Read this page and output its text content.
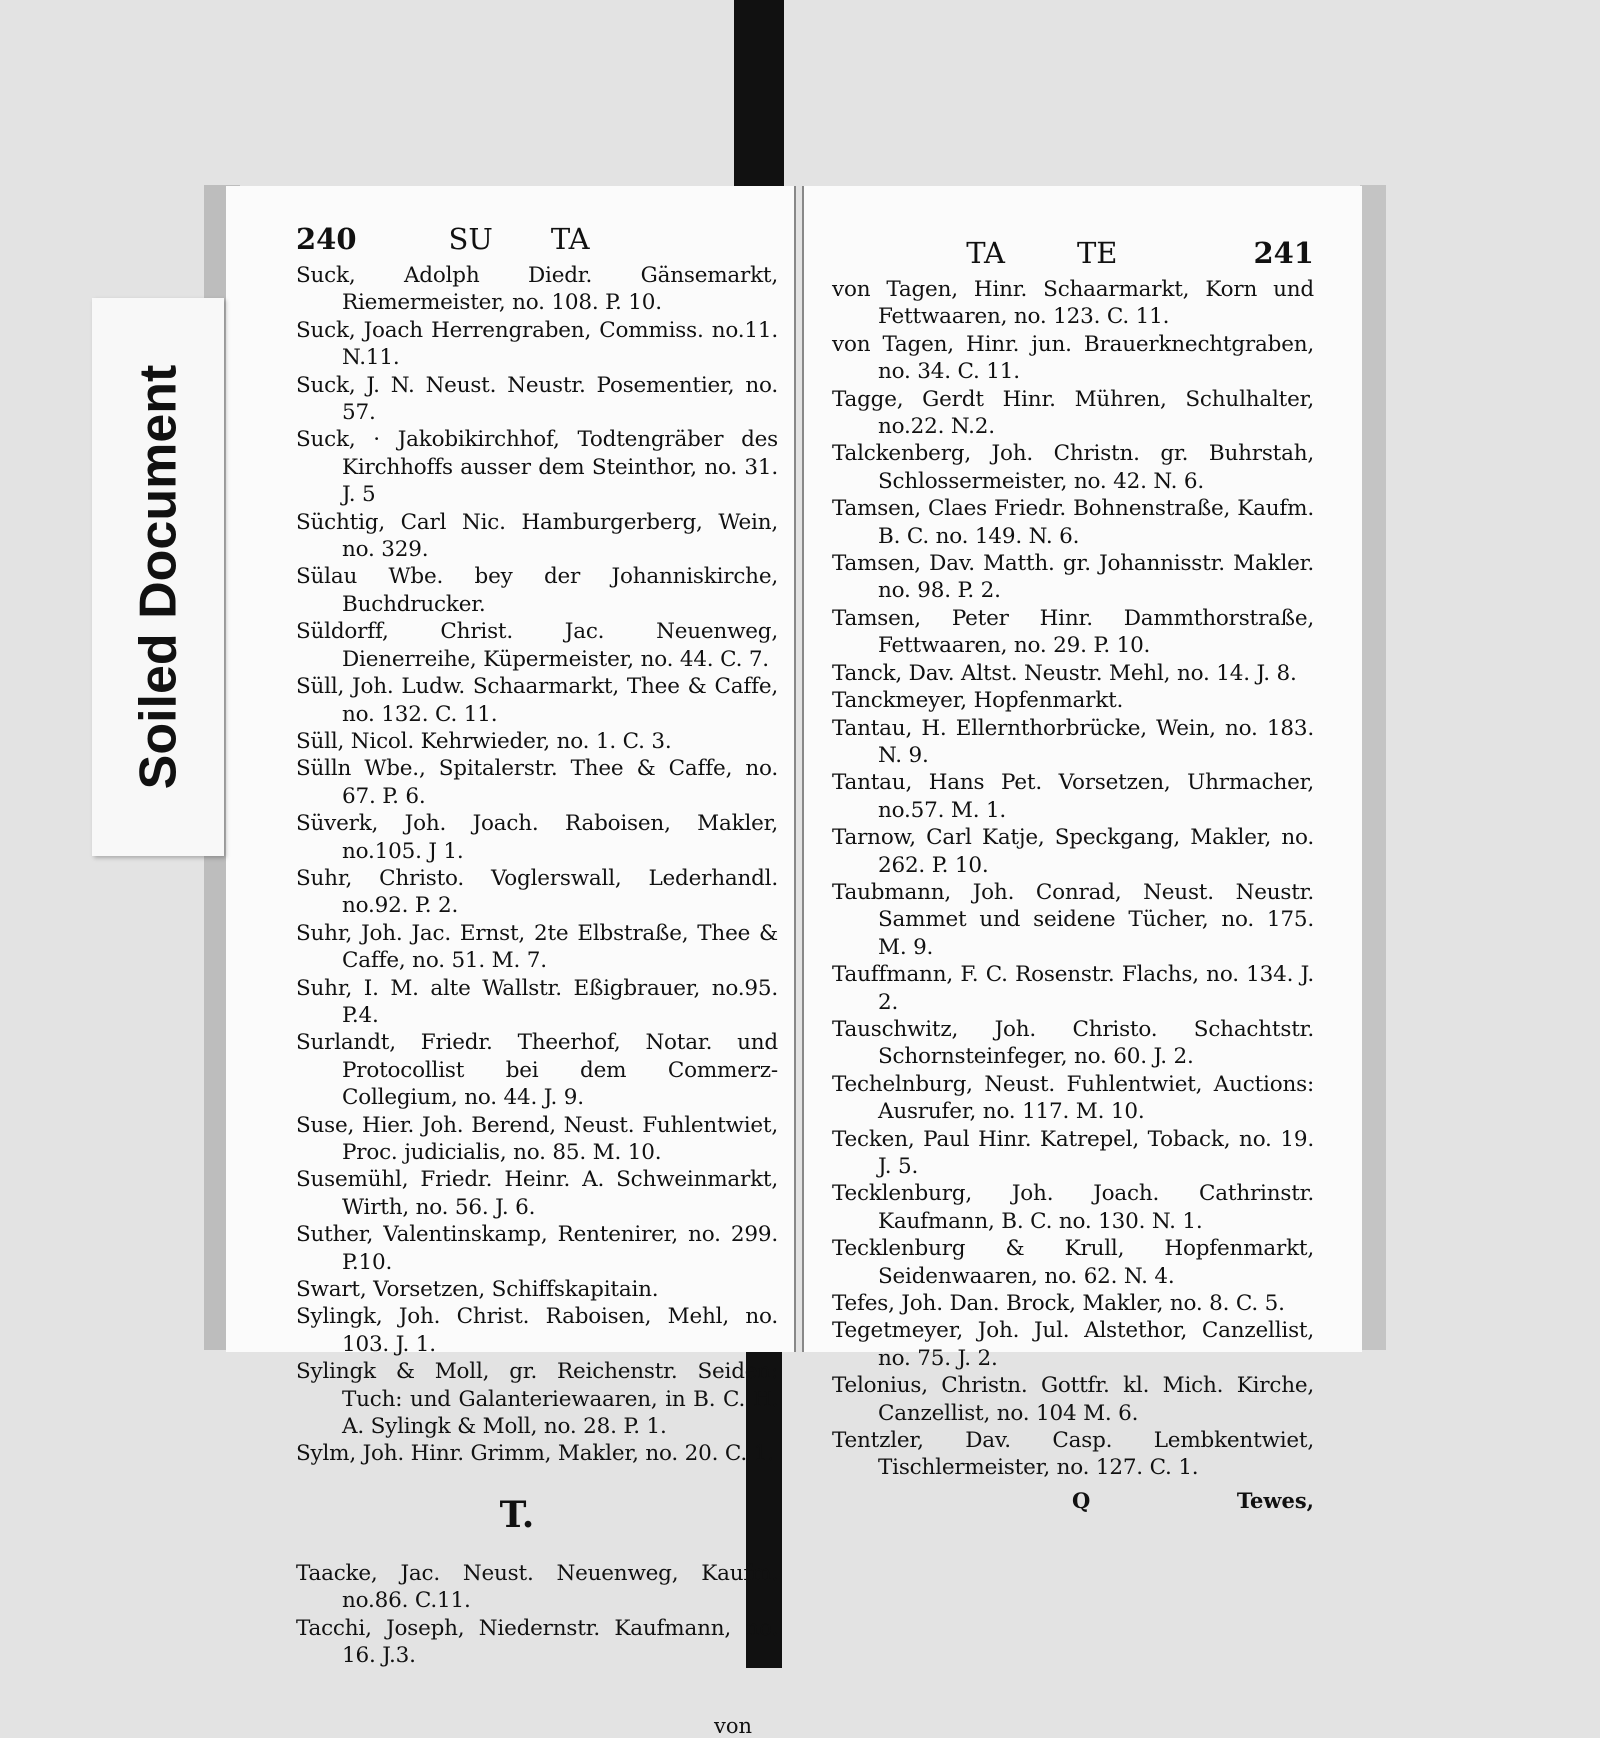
240	SU TA
Suck, Adolph Diedr. Gänsemarkt, Riemermeister, no. 108. P. 10.
Suck, Joach Herrengraben, Commiss. no.11. N.11.
Suck, J. N. Neust. Neustr. Posementier, no. 57.
Suck, · Jakobikirchhof, Todtengräber des Kirchhoffs ausser dem Steinthor, no. 31. J. 5
Süchtig, Carl Nic. Hamburgerberg, Wein, no. 329.
Sülau Wbe. bey der Johanniskirche, Buchdrucker.
Süldorff, Christ. Jac. Neuenweg, Dienerreihe, Küpermeister, no. 44. C. 7.
Süll, Joh. Ludw. Schaarmarkt, Thee & Caffe, no. 132. C. 11.
Süll, Nicol. Kehrwieder, no. 1. C. 3.
Sülln Wbe., Spitalerstr. Thee & Caffe, no. 67. P. 6.
Süverk, Joh. Joach. Raboisen, Makler, no.105. J 1.
Suhr, Christo. Voglerswall, Lederhandl. no.92. P. 2.
Suhr, Joh. Jac. Ernst, 2te Elbstraße, Thee & Caffe, no. 51. M. 7.
Suhr, I. M. alte Wallstr. Eßigbrauer, no.95. P.4.
Surlandt, Friedr. Theerhof, Notar. und Protocollist bei dem Commerz-Collegium, no. 44. J. 9.
Suse, Hier. Joh. Berend, Neust. Fuhlentwiet, Proc. judicialis, no. 85. M. 10.
Susemühl, Friedr. Heinr. A. Schweinmarkt, Wirth, no. 56. J. 6.
Suther, Valentinskamp, Rentenirer, no. 299. P.10.
Swart, Vorsetzen, Schiffskapitain.
Sylingk, Joh. Christ. Raboisen, Mehl, no. 103. J. 1.
Sylingk & Moll, gr. Reichenstr. Seiden: Tuch: und Galanteriewaaren, in B. C. H. A. Sylingk & Moll, no. 28. P. 1.
Sylm, Joh. Hinr. Grimm, Makler, no. 20. C. 1.
T.
Taacke, Jac. Neust. Neuenweg, Kaufm. no.86. C.11.
Tacchi, Joseph, Niedernstr. Kaufmann, no. 16. J.3.
von
TA TE	241
von Tagen, Hinr. Schaarmarkt, Korn und Fettwaaren, no. 123. C. 11.
von Tagen, Hinr. jun. Brauerknechtgraben, no. 34. C. 11.
Tagge, Gerdt Hinr. Mühren, Schulhalter, no.22. N.2.
Talckenberg, Joh. Christn. gr. Buhrstah, Schlossermeister, no. 42. N. 6.
Tamsen, Claes Friedr. Bohnenstraße, Kaufm. B. C. no. 149. N. 6.
Tamsen, Dav. Matth. gr. Johannisstr. Makler. no. 98. P. 2.
Tamsen, Peter Hinr. Dammthorstraße, Fettwaaren, no. 29. P. 10.
Tanck, Dav. Altst. Neustr. Mehl, no. 14. J. 8.
Tanckmeyer, Hopfenmarkt.
Tantau, H. Ellernthorbrücke, Wein, no. 183. N. 9.
Tantau, Hans Pet. Vorsetzen, Uhrmacher, no.57. M. 1.
Tarnow, Carl Katje, Speckgang, Makler, no. 262. P. 10.
Taubmann, Joh. Conrad, Neust. Neustr. Sammet und seidene Tücher, no. 175. M. 9.
Tauffmann, F. C. Rosenstr. Flachs, no. 134. J. 2.
Tauschwitz, Joh. Christo. Schachtstr. Schornsteinfeger, no. 60. J. 2.
Techelnburg, Neust. Fuhlentwiet, Auctions: Ausrufer, no. 117. M. 10.
Tecken, Paul Hinr. Katrepel, Toback, no. 19. J. 5.
Tecklenburg, Joh. Joach. Cathrinstr. Kaufmann, B. C. no. 130. N. 1.
Tecklenburg & Krull, Hopfenmarkt, Seidenwaaren, no. 62. N. 4.
Tefes, Joh. Dan. Brock, Makler, no. 8. C. 5.
Tegetmeyer, Joh. Jul. Alstethor, Canzellist, no. 75. J. 2.
Telonius, Christn. Gottfr. kl. Mich. Kirche, Canzellist, no. 104 M. 6.
Tentzler, Dav. Casp. Lembkentwiet, Tischlermeister, no. 127. C. 1.
Q	Tewes,
Soiled Document
